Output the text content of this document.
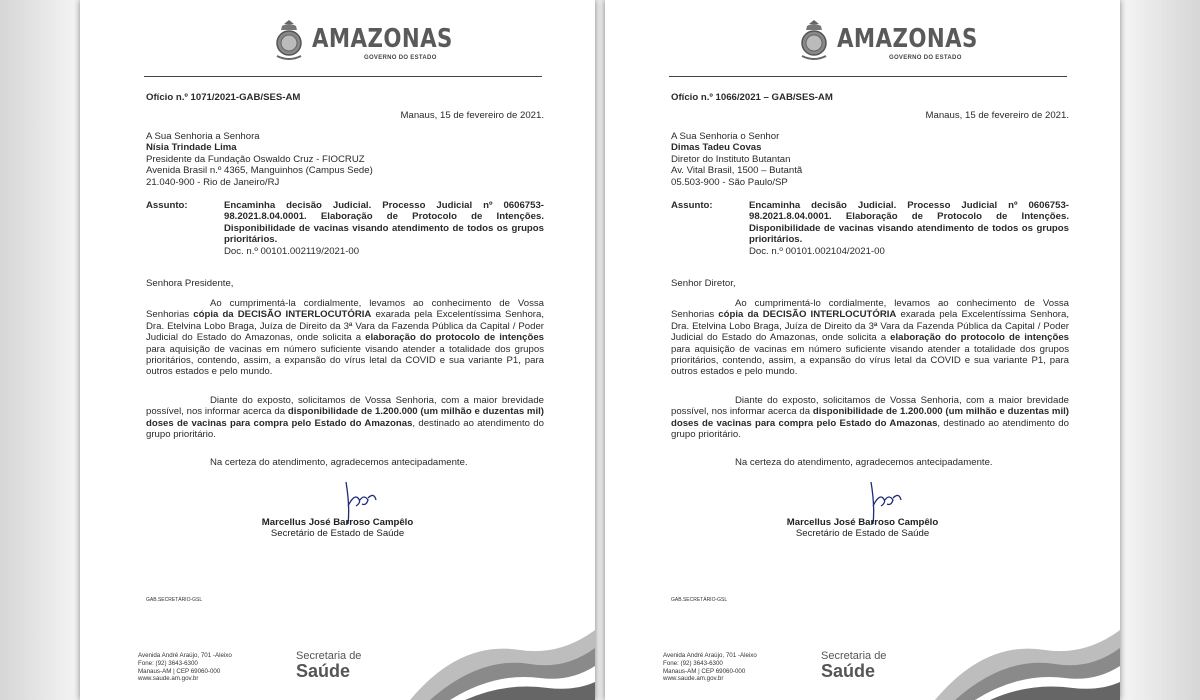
AMAZONAS
GOVERNO DO ESTADO
Ofício n.º 1071/2021-GAB/SES-AM
Manaus, 15 de fevereiro de 2021.
A Sua Senhoria a Senhora
Nísia Trindade Lima
Presidente da Fundação Oswaldo Cruz - FIOCRUZ
Avenida Brasil n.º 4365, Manguinhos (Campus Sede)
21.040-900 - Rio de Janeiro/RJ
Assunto:	Encaminha decisão Judicial. Processo Judicial nº 0606753-98.2021.8.04.0001. Elaboração de Protocolo de Intenções. Disponibilidade de vacinas visando atendimento de todos os grupos prioritários.
Doc. n.º 00101.002119/2021-00
Senhora Presidente,
Ao cumprimentá-la cordialmente, levamos ao conhecimento de Vossa Senhorias cópia da DECISÃO INTERLOCUTÓRIA exarada pela Excelentíssima Senhora, Dra. Etelvina Lobo Braga, Juíza de Direito da 3ª Vara da Fazenda Pública da Capital / Poder Judicial do Estado do Amazonas, onde solicita a elaboração do protocolo de intenções para aquisição de vacinas em número suficiente visando atender a totalidade dos grupos prioritários, contendo, assim, a expansão do vírus letal da COVID e sua variante P1, para outros estados e pelo mundo.
Diante do exposto, solicitamos de Vossa Senhoria, com a maior brevidade possível, nos informar acerca da disponibilidade de 1.200.000 (um milhão e duzentas mil) doses de vacinas para compra pelo Estado do Amazonas, destinado ao atendimento do grupo prioritário.
Na certeza do atendimento, agradecemos antecipadamente.
Marcellus José Barroso Campêlo
Secretário de Estado de Saúde
GAB.SECRETÁRIO-GSL
Avenida André Araújo, 701 -Aleixo
Fone: (92) 3643-6300
Manaus-AM | CEP 69060-000
www.saude.am.gov.br
Secretaria de
Saúde
AMAZONAS
GOVERNO DO ESTADO
Ofício n.º 1066/2021 – GAB/SES-AM
Manaus, 15 de fevereiro de 2021.
A Sua Senhoria o Senhor
Dimas Tadeu Covas
Diretor do Instituto Butantan
Av. Vital Brasil, 1500 – Butantã
05.503-900 - São Paulo/SP
Assunto:	Encaminha decisão Judicial. Processo Judicial nº 0606753-98.2021.8.04.0001. Elaboração de Protocolo de Intenções. Disponibilidade de vacinas visando atendimento de todos os grupos prioritários.
Doc. n.º 00101.002104/2021-00
Senhor Diretor,
Ao cumprimentá-lo cordialmente, levamos ao conhecimento de Vossa Senhorias cópia da DECISÃO INTERLOCUTÓRIA exarada pela Excelentíssima Senhora, Dra. Etelvina Lobo Braga, Juíza de Direito da 3ª Vara da Fazenda Pública da Capital / Poder Judicial do Estado do Amazonas, onde solicita a elaboração do protocolo de intenções para aquisição de vacinas em número suficiente visando atender a totalidade dos grupos prioritários, contendo, assim, a expansão do vírus letal da COVID e sua variante P1, para outros estados e pelo mundo.
Diante do exposto, solicitamos de Vossa Senhoria, com a maior brevidade possível, nos informar acerca da disponibilidade de 1.200.000 (um milhão e duzentas mil) doses de vacinas para compra pelo Estado do Amazonas, destinado ao atendimento do grupo prioritário.
Na certeza do atendimento, agradecemos antecipadamente.
Marcellus José Barroso Campêlo
Secretário de Estado de Saúde
GAB.SECRETÁRIO-GSL
Avenida André Araújo, 701 -Aleixo
Fone: (92) 3643-6300
Manaus-AM | CEP 69060-000
www.saude.am.gov.br
Secretaria de
Saúde
